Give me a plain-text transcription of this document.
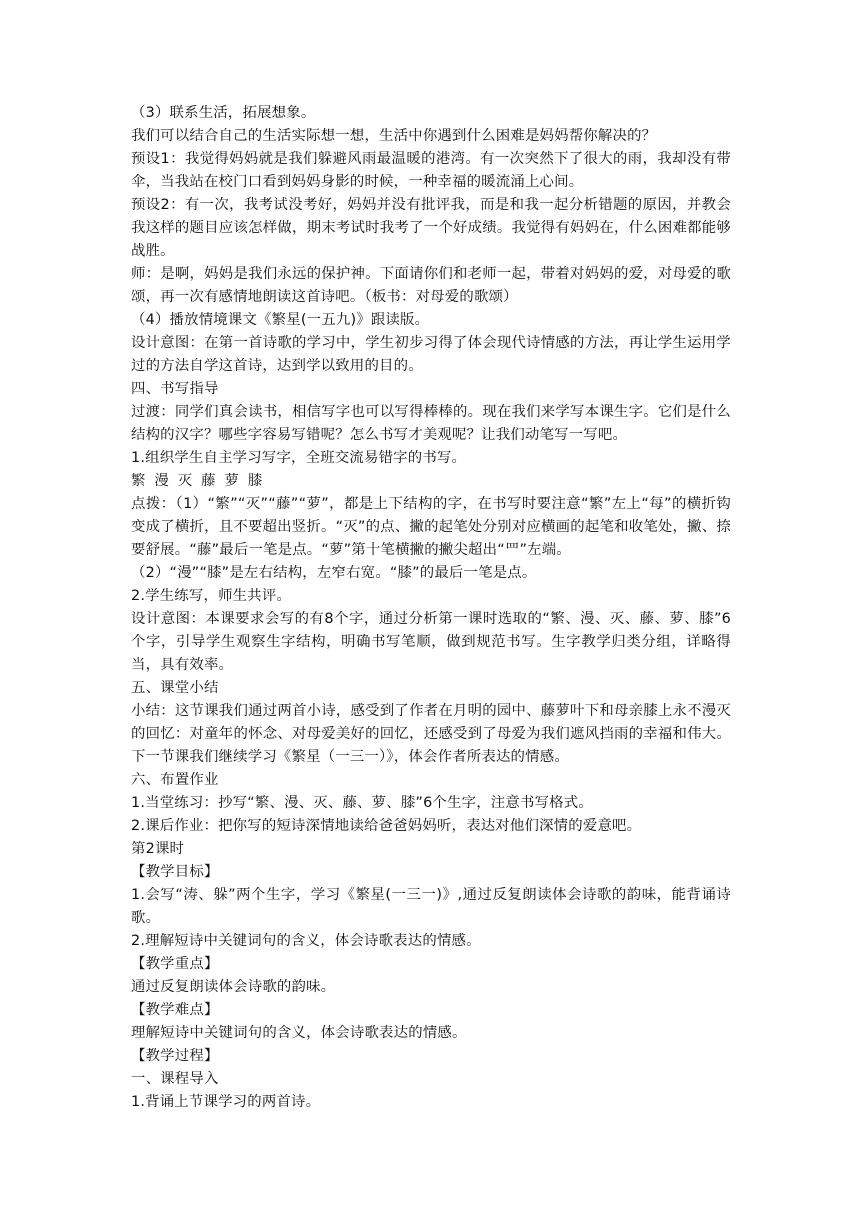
（3）联系生活，拓展想象。

我们可以结合自己的生活实际想一想，生活中你遇到什么困难是妈妈帮你解决的？

预设1：我觉得妈妈就是我们躲避风雨最温暖的港湾。有一次突然下了很大的雨，我却没有带伞，当我站在校门口看到妈妈身影的时候，一种幸福的暖流涌上心间。

预设2：有一次，我考试没考好，妈妈并没有批评我，而是和我一起分析错题的原因，并教会我这样的题目应该怎样做，期末考试时我考了一个好成绩。我觉得有妈妈在，什么困难都能够战胜。

师：是啊，妈妈是我们永远的保护神。下面请你们和老师一起，带着对妈妈的爱，对母爱的歌颂，再一次有感情地朗读这首诗吧。（板书：对母爱的歌颂）

（4）播放情境课文《繁星(一五九)》跟读版。

设计意图：在第一首诗歌的学习中，学生初步习得了体会现代诗情感的方法，再让学生运用学过的方法自学这首诗，达到学以致用的目的。

四、书写指导

过渡：同学们真会读书，相信写字也可以写得棒棒的。现在我们来学写本课生字。它们是什么结构的汉字？哪些字容易写错呢？怎么书写才美观呢？让我们动笔写一写吧。

1.组织学生自主学习写字，全班交流易错字的书写。

繁 漫 灭 藤 萝 膝

点拨：（1）“繁”“灭”“藤”“萝”，都是上下结构的字，在书写时要注意“繁”左上“每”的横折钩变成了横折，且不要超出竖折。“灭”的点、撇的起笔处分别对应横画的起笔和收笔处，撇、捺要舒展。“藤”最后一笔是点。“萝”第十笔横撇的撇尖超出“罒”左端。

（2）“漫”“膝”是左右结构，左窄右宽。“膝”的最后一笔是点。

2.学生练写，师生共评。

设计意图：本课要求会写的有8个字，通过分析第一课时选取的“繁、漫、灭、藤、萝、膝”6个字，引导学生观察生字结构，明确书写笔顺，做到规范书写。生字教学归类分组，详略得当，具有效率。

五、课堂小结

小结：这节课我们通过两首小诗，感受到了作者在月明的园中、藤萝叶下和母亲膝上永不漫灭的回忆：对童年的怀念、对母爱美好的回忆，还感受到了母爱为我们遮风挡雨的幸福和伟大。下一节课我们继续学习《繁星（一三一）》，体会作者所表达的情感。

六、布置作业

1.当堂练习：抄写“繁、漫、灭、藤、萝、膝”6个生字，注意书写格式。

2.课后作业：把你写的短诗深情地读给爸爸妈妈听，表达对他们深情的爱意吧。

第2课时

【教学目标】

1.会写“涛、躲”两个生字，学习《繁星(一三一)》,通过反复朗读体会诗歌的韵味，能背诵诗歌。

2.理解短诗中关键词句的含义，体会诗歌表达的情感。

【教学重点】

通过反复朗读体会诗歌的韵味。

【教学难点】

理解短诗中关键词句的含义，体会诗歌表达的情感。

【教学过程】

一、课程导入

1.背诵上节课学习的两首诗。
